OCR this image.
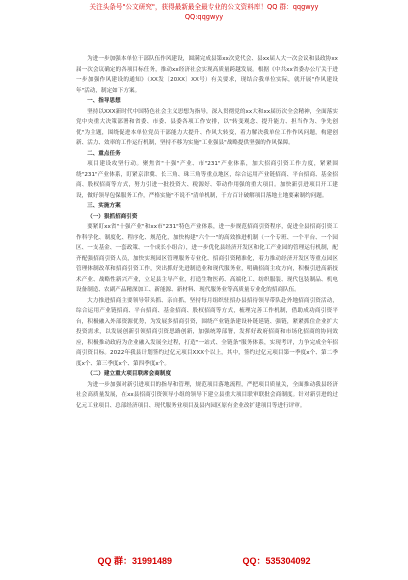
关注头条号"公文研究"，获得最新最全最专业的公文资料库！QQ 群：qqgwyy
QQ:qqgwyy

为进一步加强本单位干部队伍作风建设，圆满完成县第xx次党代会、县xx届人大一次会议和县政协xx届一次会议确定的各项目标任务，推动xx经济社会实现高质量跨越发展。根据《中共xx省委办公厅关于进一步加强作风建设的通知》（XX发〔20XX〕XX号）有关要求，现结合我单位实际，就开展"作风建设年"活动，制定如下方案。

一、指导思想

坚持以XXX新时代中国特色社会主义思想为指导，深入贯彻党的xx大和xx届历次全会精神，全面落实党中央重大决策部署和省委、市委、县委各项工作安排，以"转变观念、提升能力、担当作为、争先创优"为主题，围绕促进本单位党员干部能力大提升、作风大转变，着力解决我单位工作作风问题，构建创新、活力、效率的工作运行机制，坚持不移为实施"工业强县"战略提供坚强的作风保障。

二、重点任务

项目建设攻坚行动。聚焦省"十强"产业、市"231"产业体系，加大招商引资工作力度，紧紧围绕"231"产业体系，盯紧京津冀、长三角、珠三角等重点地区，综合运用产业链招商、平台招商、基金招商、股权招商等方式，努力引进一批投资大、税源好、带动作用强的重大项目。加快新引进项目开工建设，做好领导包保服务工作，严格实施"不说不"清单机制，千方百计破解项目落地土地要素制约问题。

三、实施方案

（一）狠抓招商引资

要紧盯xx省"十强产业"和xx市"231"特色产业体系，进一步规范招商引资程序，促进全县招商引资工作科学化、制度化、程序化、规范化，加快构建"六个一"的高效推进机制（一个专班、一个平台、一个园区、一支基金、一套政策、一个成长小组合），进一步优化县经济开发区和化工产业园的管理运行机制，配齐配强招商引资人员，加快实现园区管理服务专业化、招商引资精准化，着力推动经济开发区等重点园区管理体制改革和招商引资工作，突出抓好先进制造业和现代服务业，明确招商主攻方向，积极引进高新技术产业、战略性新兴产业，立足县主导产业，打造生物医药、高端化工、纺织服装、现代包装制品、机电设备制造、农副产品精深加工、新能源、新材料、现代服务业等高质量专业化的招商队伍。

大力推进招商主要领导带头抓、亲自抓，坚持每月组织驻招办县招待领导带队赴外地招商引资活动，综合运用产业链招商、平台招商、基金招商、股权招商等方式，梳理完善工作机制，借助成功商引资平台，积极融入外部资源优势，为发展多招商引资，围绕产业链条建设补链延链、强链，紧紧抓住企业扩大投资需求，以发展创新引领招商引资思路创新，加强统筹部署，发挥好政府招商和市场化招商的协同效应，积极推动政府为企业融入发展全过程，打造"一站式、全链条"服务体系，实现考评，力争完成全年招商引资目标。2022年我县计划签约过亿元项目XXX个以上，其中，签约过亿元项目第一季度x个、第二季度x个、第三季度x个、第四季度x个。

（二）建立重大项目联席会商制度

为进一步加强对新引进项目的指导和管理，规范项目落地流程，严把项目质量关，全面推动我县经济社会高质量发展，在xx县招商引资领导小组的领导下建立县重大项目联审联批会商制度。针对新引进的过亿元工业项目、总部经济项目、现代服务业项目及县内园区原有企业改扩建项目等进行评审。

QQ 群：31991489	QQ：535304092
